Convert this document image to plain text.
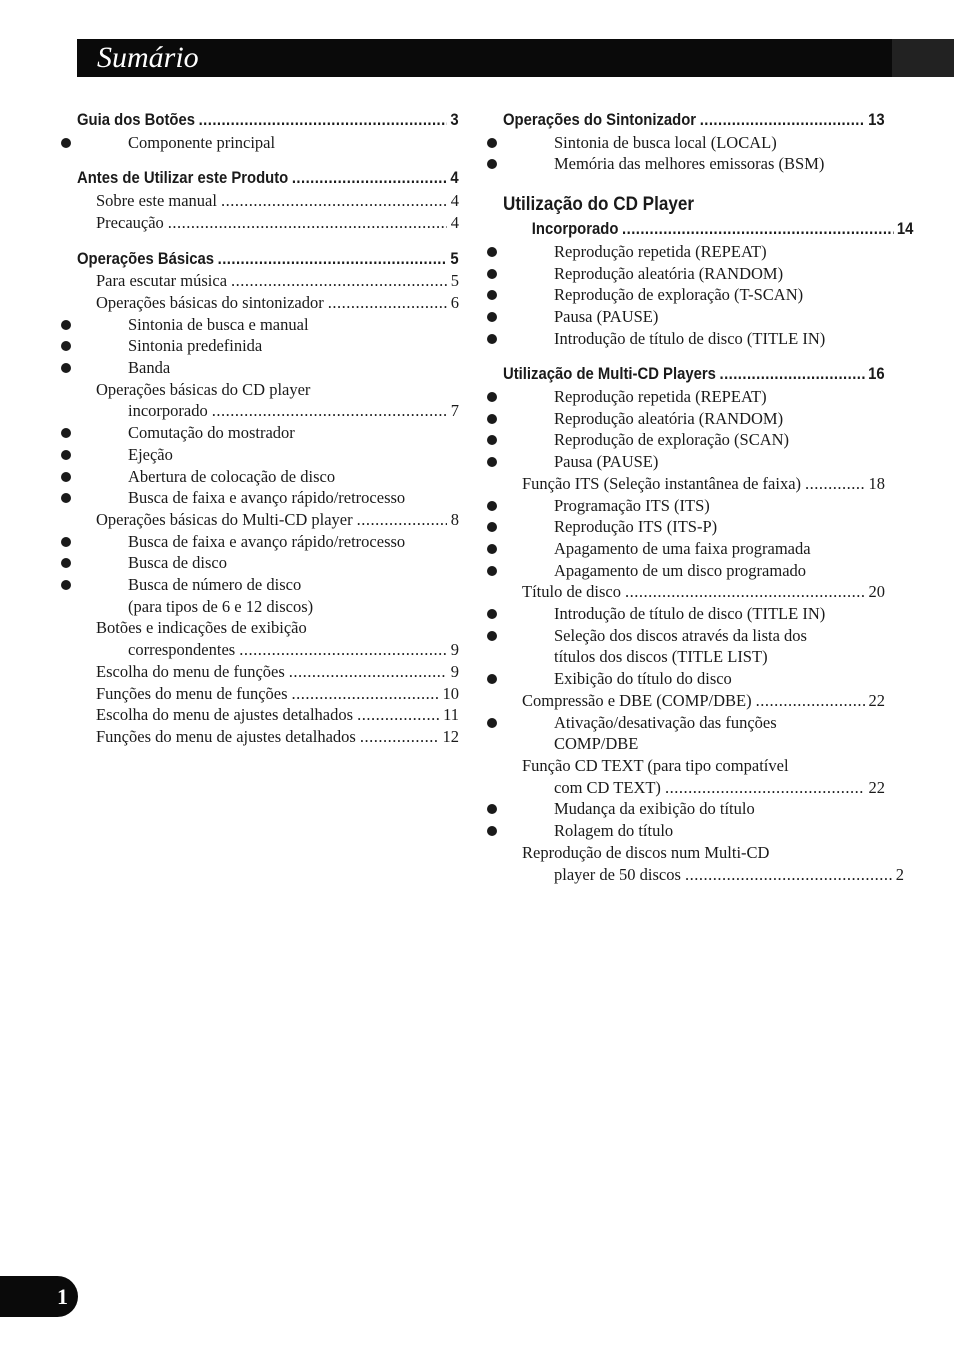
Sumário
Guia dos Botões .....	3
Componente principal
Antes de Utilizar este Produto .....	4
Sobre este manual .....	4
Precaução .....	4
Operações Básicas .....	5
Para escutar música .....	5
Operações básicas do sintonizador .....	6
Sintonia de busca e manual
Sintonia predefinida
Banda
Operações básicas do CD player
incorporado .....	7
Comutação do mostrador
Ejeção
Abertura de colocação de disco
Busca de faixa e avanço rápido/retrocesso
Operações básicas do Multi-CD player .....	8
Busca de faixa e avanço rápido/retrocesso
Busca de disco
Busca de número de disco
(para tipos de 6 e 12 discos)
Botões e indicações de exibição
correspondentes .....	9
Escolha do menu de funções .....	9
Funções do menu de funções .....	10
Escolha do menu de ajustes detalhados .....	11
Funções do menu de ajustes detalhados .....	12
Operações do Sintonizador .....	13
Sintonia de busca local (LOCAL)
Memória das melhores emissoras (BSM)
Utilização do CD Player
Incorporado .....	14
Reprodução repetida (REPEAT)
Reprodução aleatória (RANDOM)
Reprodução de exploração (T-SCAN)
Pausa (PAUSE)
Introdução de título de disco (TITLE IN)
Utilização de Multi-CD Players .....	16
Reprodução repetida (REPEAT)
Reprodução aleatória (RANDOM)
Reprodução de exploração (SCAN)
Pausa (PAUSE)
Função ITS (Seleção instantânea de faixa) .....	18
Programação ITS (ITS)
Reprodução ITS (ITS-P)
Apagamento de uma faixa programada
Apagamento de um disco programado
Título de disco .....	20
Introdução de título de disco (TITLE IN)
Seleção dos discos através da lista dos
títulos dos discos (TITLE LIST)
Exibição do título do disco
Compressão e DBE (COMP/DBE) .....	22
Ativação/desativação das funções
COMP/DBE
Função CD TEXT (para tipo compatível
com CD TEXT) .....	22
Mudança da exibição do título
Rolagem do título
Reprodução de discos num Multi-CD
player de 50 discos .....	2
1
